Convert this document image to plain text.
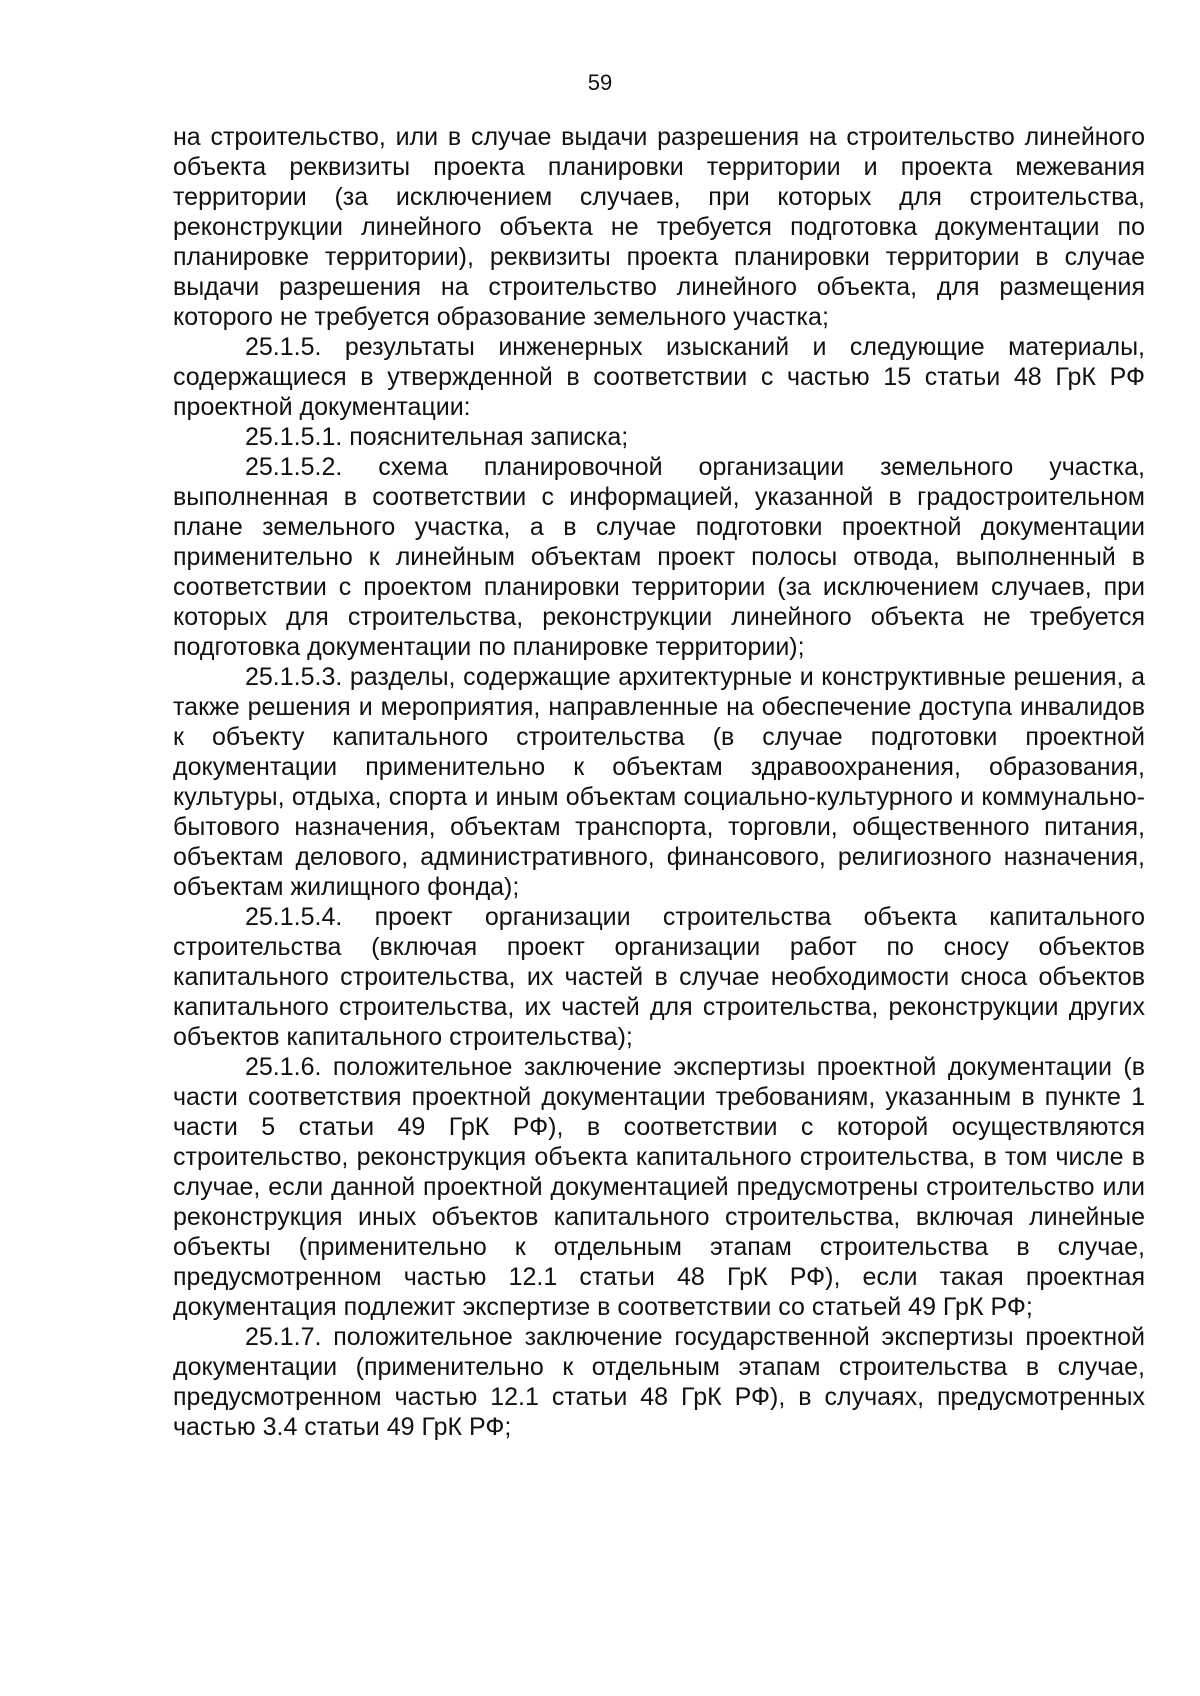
59

на строительство, или в случае выдачи разрешения на строительство линейного объекта реквизиты проекта планировки территории и проекта межевания территории (за исключением случаев, при которых для строительства, реконструкции линейного объекта не требуется подготовка документации по планировке территории), реквизиты проекта планировки территории в случае выдачи разрешения на строительство линейного объекта, для размещения которого не требуется образование земельного участка;

25.1.5. результаты инженерных изысканий и следующие материалы, содержащиеся в утвержденной в соответствии с частью 15 статьи 48 ГрК РФ проектной документации:

25.1.5.1. пояснительная записка;

25.1.5.2. схема планировочной организации земельного участка, выполненная в соответствии с информацией, указанной в градостроительном плане земельного участка, а в случае подготовки проектной документации применительно к линейным объектам проект полосы отвода, выполненный в соответствии с проектом планировки территории (за исключением случаев, при которых для строительства, реконструкции линейного объекта не требуется подготовка документации по планировке территории);

25.1.5.3. разделы, содержащие архитектурные и конструктивные решения, а также решения и мероприятия, направленные на обеспечение доступа инвалидов к объекту капитального строительства (в случае подготовки проектной документации применительно к объектам здравоохранения, образования, культуры, отдыха, спорта и иным объектам социально-культурного и коммунально-бытового назначения, объектам транспорта, торговли, общественного питания, объектам делового, административного, финансового, религиозного назначения, объектам жилищного фонда);

25.1.5.4. проект организации строительства объекта капитального строительства (включая проект организации работ по сносу объектов капитального строительства, их частей в случае необходимости сноса объектов капитального строительства, их частей для строительства, реконструкции других объектов капитального строительства);

25.1.6. положительное заключение экспертизы проектной документации (в части соответствия проектной документации требованиям, указанным в пункте 1 части 5 статьи 49 ГрК РФ), в соответствии с которой осуществляются строительство, реконструкция объекта капитального строительства, в том числе в случае, если данной проектной документацией предусмотрены строительство или реконструкция иных объектов капитального строительства, включая линейные объекты (применительно к отдельным этапам строительства в случае, предусмотренном частью 12.1 статьи 48 ГрК РФ), если такая проектная документация подлежит экспертизе в соответствии со статьей 49 ГрК РФ;

25.1.7. положительное заключение государственной экспертизы проектной документации (применительно к отдельным этапам строительства в случае, предусмотренном частью 12.1 статьи 48 ГрК РФ), в случаях, предусмотренных частью 3.4 статьи 49 ГрК РФ;
